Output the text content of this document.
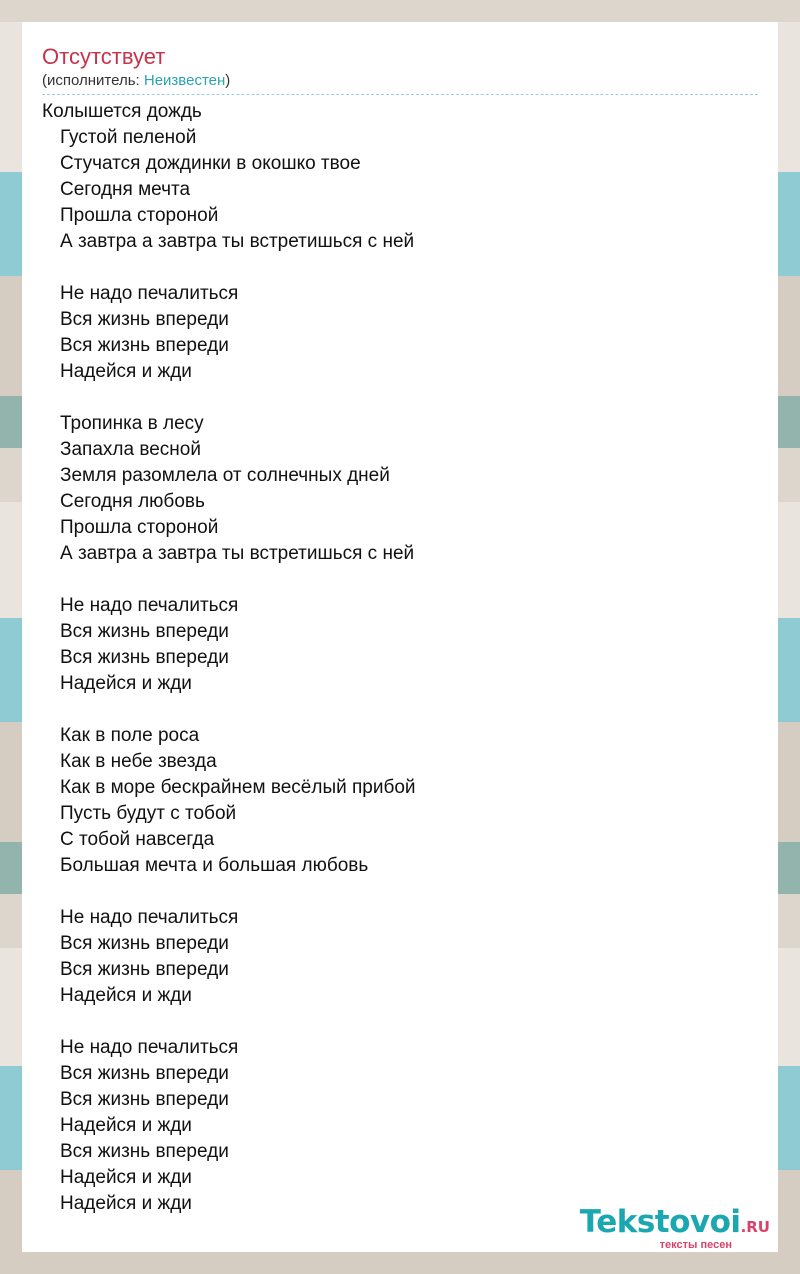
Отсутствует
(исполнитель: Неизвестен)
Колышется дождь
Густой пеленой
Стучатся дождинки в окошко твое
Сегодня мечта
Прошла стороной
А завтра а завтра ты встретишься с ней
Не надо печалиться
Вся жизнь впереди
Вся жизнь впереди
Надейся и жди
Тропинка в лесу
Запахла весной
Земля разомлела от солнечных дней
Сегодня любовь
Прошла стороной
А завтра а завтра ты встретишься с ней
Не надо печалиться
Вся жизнь впереди
Вся жизнь впереди
Надейся и жди
Как в поле роса
Как в небе звезда
Как в море бескрайнем весёлый прибой
Пусть будут с тобой
С тобой навсегда
Большая мечта и большая любовь
Не надо печалиться
Вся жизнь впереди
Вся жизнь впереди
Надейся и жди
Не надо печалиться
Вся жизнь впереди
Вся жизнь впереди
Надейся и жди
Вся жизнь впереди
Надейся и жди
Надейся и жди
Tekstovoi.RU
тексты песен
